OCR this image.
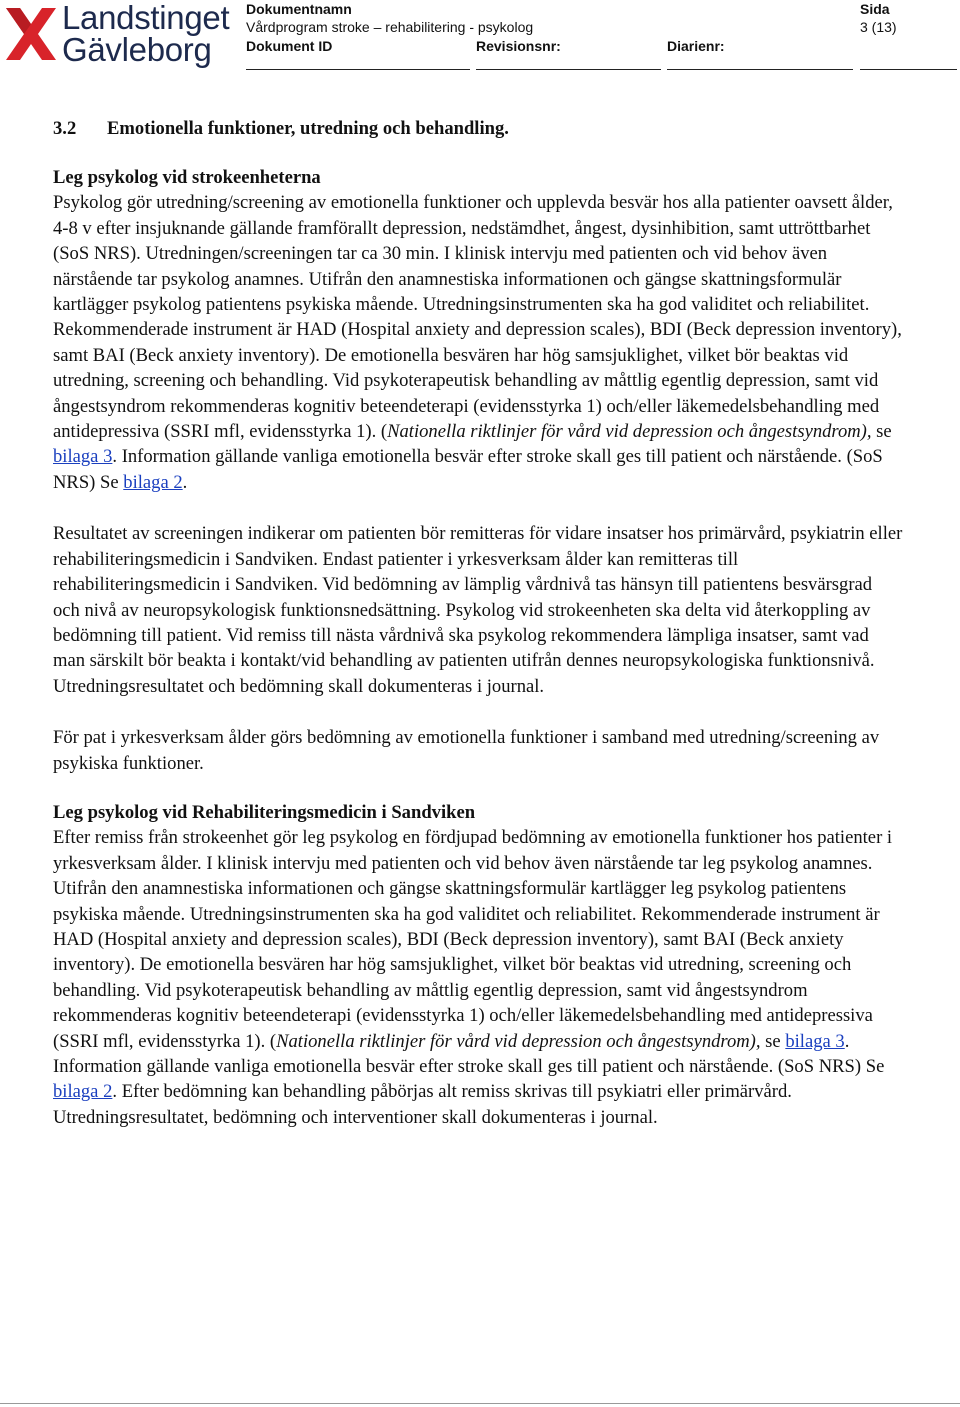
Landstinget
Gävleborg
Dokumentnamn
Vårdprogram stroke – rehabilitering - psykolog
Dokument ID	Revisionsnr:	Diarienr:
Sida
3 (13)
3.2 Emotionella funktioner, utredning och behandling.

Leg psykolog vid strokeenheterna

Psykolog gör utredning/screening av emotionella funktioner och upplevda besvär hos alla patienter oavsett ålder, 4-8 v efter insjuknande gällande framförallt depression, nedstämdhet, ångest, dysinhibition, samt uttröttbarhet (SoS NRS). Utredningen/screeningen tar ca 30 min. I klinisk intervju med patienten och vid behov även närstående tar psykolog anamnes. Utifrån den anamnestiska informationen och gängse skattningsformulär kartlägger psykolog patientens psykiska mående. Utredningsinstrumenten ska ha god validitet och reliabilitet. Rekommenderade instrument är HAD (Hospital anxiety and depression scales), BDI (Beck depression inventory), samt BAI (Beck anxiety inventory). De emotionella besvären har hög samsjuklighet, vilket bör beaktas vid utredning, screening och behandling. Vid psykoterapeutisk behandling av måttlig egentlig depression, samt vid ångestsyndrom rekommenderas kognitiv beteendeterapi (evidensstyrka 1) och/eller läkemedelsbehandling med antidepressiva (SSRI mfl, evidensstyrka 1). (Nationella riktlinjer för vård vid depression och ångestsyndrom), se bilaga 3. Information gällande vanliga emotionella besvär efter stroke skall ges till patient och närstående. (SoS NRS) Se bilaga 2.

Resultatet av screeningen indikerar om patienten bör remitteras för vidare insatser hos primärvård, psykiatrin eller rehabiliteringsmedicin i Sandviken. Endast patienter i yrkesverksam ålder kan remitteras till rehabiliteringsmedicin i Sandviken. Vid bedömning av lämplig vårdnivå tas hänsyn till patientens besvärsgrad och nivå av neuropsykologisk funktionsnedsättning. Psykolog vid strokeenheten ska delta vid återkoppling av bedömning till patient. Vid remiss till nästa vårdnivå ska psykolog rekommendera lämpliga insatser, samt vad man särskilt bör beakta i kontakt/vid behandling av patienten utifrån dennes neuropsykologiska funktionsnivå. Utredningsresultatet och bedömning skall dokumenteras i journal.

För pat i yrkesverksam ålder görs bedömning av emotionella funktioner i samband med utredning/screening av psykiska funktioner.

Leg psykolog vid Rehabiliteringsmedicin i Sandviken

Efter remiss från strokeenhet gör leg psykolog en fördjupad bedömning av emotionella funktioner hos patienter i yrkesverksam ålder. I klinisk intervju med patienten och vid behov även närstående tar leg psykolog anamnes. Utifrån den anamnestiska informationen och gängse skattningsformulär kartlägger leg psykolog patientens psykiska mående. Utredningsinstrumenten ska ha god validitet och reliabilitet. Rekommenderade instrument är HAD (Hospital anxiety and depression scales), BDI (Beck depression inventory), samt BAI (Beck anxiety inventory). De emotionella besvären har hög samsjuklighet, vilket bör beaktas vid utredning, screening och behandling. Vid psykoterapeutisk behandling av måttlig egentlig depression, samt vid ångestsyndrom rekommenderas kognitiv beteendeterapi (evidensstyrka 1) och/eller läkemedelsbehandling med antidepressiva (SSRI mfl, evidensstyrka 1). (Nationella riktlinjer för vård vid depression och ångestsyndrom), se bilaga 3. Information gällande vanliga emotionella besvär efter stroke skall ges till patient och närstående. (SoS NRS) Se bilaga 2. Efter bedömning kan behandling påbörjas alt remiss skrivas till psykiatri eller primärvård. Utredningsresultatet, bedömning och interventioner skall dokumenteras i journal.
